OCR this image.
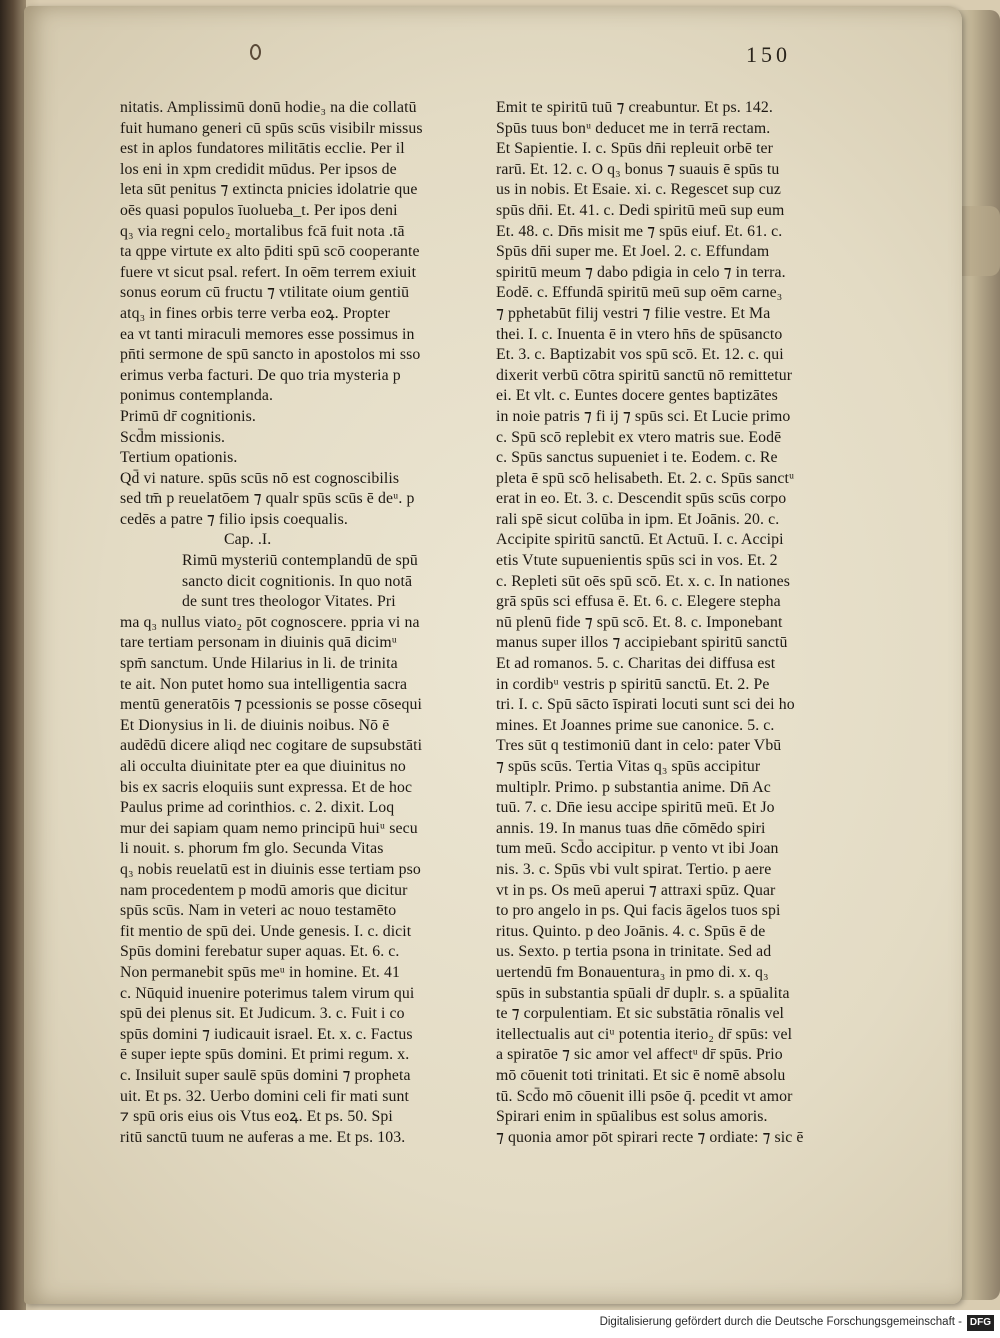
150
nitatis. Amplissimū donū hodie₃ na die collatū
fuit humano generi cū spūs scūs visibilr missus
est in aplos fundatores militātis ecclie. Per il
los eni in xpm credidit mūdus. Per ipsos de
leta sūt penitus ⁊ extincta pnicies idolatrie que
oēs quasi populos īuolueba_t. Per ipos deni
q₃ via regni celo₂ mortalibus fcā fuit nota .tā
ta qppe virtute ex alto p̄diti spū scō cooperante
fuere vt sicut psal. refert. In oēm terrem exiuit
sonus eorum cū fructu ⁊ vtilitate oium gentiū
atq₃ in fines orbis terre verba eoꝝ. Propter
ea vt tanti miraculi memores esse possimus in
pn̄ti sermone de spū sancto in apostolos mi sso
erimus verba facturi. De quo tria mysteria p
ponimus contemplanda.
Primū dr̄ cognitionis.
Scd̄m missionis.
Tertium opationis.
Qd̄ vi nature. spūs scūs nō est cognoscibilis
sed tm̄ p reuelatōem ⁊ qualr spūs scūs ē deᵘ. p
cedēs a patre ⁊ filio ipsis coequalis.
Cap. .I.
Rimū mysteriū contemplandū de spū
sancto dicit cognitionis. In quo notā
de sunt tres theologor Vitates. Pri
ma q₃ nullus viato₂ pōt cognoscere. ppria vi na
tare tertiam personam in diuinis quā dicimᵘ
spm̄ sanctum. Unde Hilarius in li. de trinita
te ait. Non putet homo sua intelligentia sacra
mentū generatōis ⁊ pcessionis se posse cōsequi
Et Dionysius in li. de diuinis noibus. Nō ē
audēdū dicere aliqd nec cogitare de supsubstāti
ali occulta diuinitate pter ea que diuinitus no
bis ex sacris eloquiis sunt expressa. Et de hoc
Paulus prime ad corinthios. c. 2. dixit. Loq
mur dei sapiam quam nemo principū huiᵘ secu
li nouit. s. phorum fm glo. Secunda Vitas
q₃ nobis reuelatū est in diuinis esse tertiam pso
nam procedentem p modū amoris que dicitur
spūs scūs. Nam in veteri ac nouo testamēto
fit mentio de spū dei. Unde genesis. I. c. dicit
Spūs domini ferebatur super aquas. Et. 6. c.
Non permanebit spūs meᵘ in homine. Et. 41
c. Nūquid inuenire poterimus talem virum qui
spū dei plenus sit. Et Judicum. 3. c. Fuit i co
spūs domini ⁊ iudicauit israel. Et. x. c. Factus
ē super iepte spūs domini. Et primi regum. x.
c. Insiluit super saulē spūs domini ⁊ propheta
uit. Et ps. 32. Uerbo domini celi fir mati sunt
⁊ spū oris eius ois Vtus eoꝝ. Et ps. 50. Spi
ritū sanctū tuum ne auferas a me. Et ps. 103.
Emit te spiritū tuū ⁊ creabuntur. Et ps. 142.
Spūs tuus bonᵘ deducet me in terrā rectam.
Et Sapientie. I. c. Spūs dn̄i repleuit orbē ter
rarū. Et. 12. c. O q₃ bonus ⁊ suauis ē spūs tu
us in nobis. Et Esaie. xi. c. Regescet sup cuz
spūs dn̄i. Et. 41. c. Dedi spiritū meū sup eum
Et. 48. c. Dn̄s misit me ⁊ spūs eiuf. Et. 61. c.
Spūs dn̄i super me. Et Joel. 2. c. Effundam
spiritū meum ⁊ dabo pdigia in celo ⁊ in terra.
Eodē. c. Effundā spiritū meū sup oēm carne₃
⁊ pphetabūt filij vestri ⁊ filie vestre. Et Ma
thei. I. c. Inuenta ē in vtero hn̄s de spūsancto
Et. 3. c. Baptizabit vos spū scō. Et. 12. c. qui
dixerit verbū cōtra spiritū sanctū nō remittetur
ei. Et vlt. c. Euntes docere gentes baptizātes
in noie patris ⁊ fi ij ⁊ spūs sci. Et Lucie primo
c. Spū scō replebit ex vtero matris sue. Eodē
c. Spūs sanctus supueniet i te. Eodem. c. Re
pleta ē spū scō helisabeth. Et. 2. c. Spūs sanctᵘ
erat in eo. Et. 3. c. Descendit spūs scūs corpo
rali spē sicut colūba in ipm. Et Joānis. 20. c.
Accipite spiritū sanctū. Et Actuū. I. c. Accipi
etis Vtute supuenientis spūs sci in vos. Et. 2
c. Repleti sūt oēs spū scō. Et. x. c. In nationes
grā spūs sci effusa ē. Et. 6. c. Elegere stepha
nū plenū fide ⁊ spū scō. Et. 8. c. Imponebant
manus super illos ⁊ accipiebant spiritū sanctū
Et ad romanos. 5. c. Charitas dei diffusa est
in cordibᵘ vestris p spiritū sanctū. Et. 2. Pe
tri. I. c. Spū sācto īspirati locuti sunt sci dei ho
mines. Et Joannes prime sue canonice. 5. c.
Tres sūt q testimoniū dant in celo: pater Vbū
⁊ spūs scūs. Tertia Vitas q₃ spūs accipitur
multiplr. Primo. p substantia anime. Dn̄ Ac
tuū. 7. c. Dn̄e iesu accipe spiritū meū. Et Jo
annis. 19. In manus tuas dn̄e cōmēdo spiri
tum meū. Scd̄o accipitur. p vento vt ibi Joan
nis. 3. c. Spūs vbi vult spirat. Tertio. p aere
vt in ps. Os meū aperui ⁊ attraxi spūz. Quar
to pro angelo in ps. Qui facis āgelos tuos spi
ritus. Quinto. p deo Joānis. 4. c. Spūs ē de
us. Sexto. p tertia psona in trinitate. Sed ad
uertendū fm Bonauentura₃ in pmo di. x. q₃
spūs in substantia spūali dr̄ duplr. s. a spūalita
te ⁊ corpulentiam. Et sic substātia rōnalis vel
itellectualis aut ciᵘ potentia iterio₂ dr̄ spūs: vel
a spiratōe ⁊ sic amor vel affectᵘ dr̄ spūs. Prio
mō cōuenit toti trinitati. Et sic ē nomē absolu
tū. Scd̄o mō cōuenit illi psōe q̄. pcedit vt amor
Spirari enim in spūalibus est solus amoris.
⁊ quonia amor pōt spirari recte ⁊ ordiate: ⁊ sic ē
Digitalisierung gefördert durch die Deutsche Forschungsgemeinschaft - DFG
